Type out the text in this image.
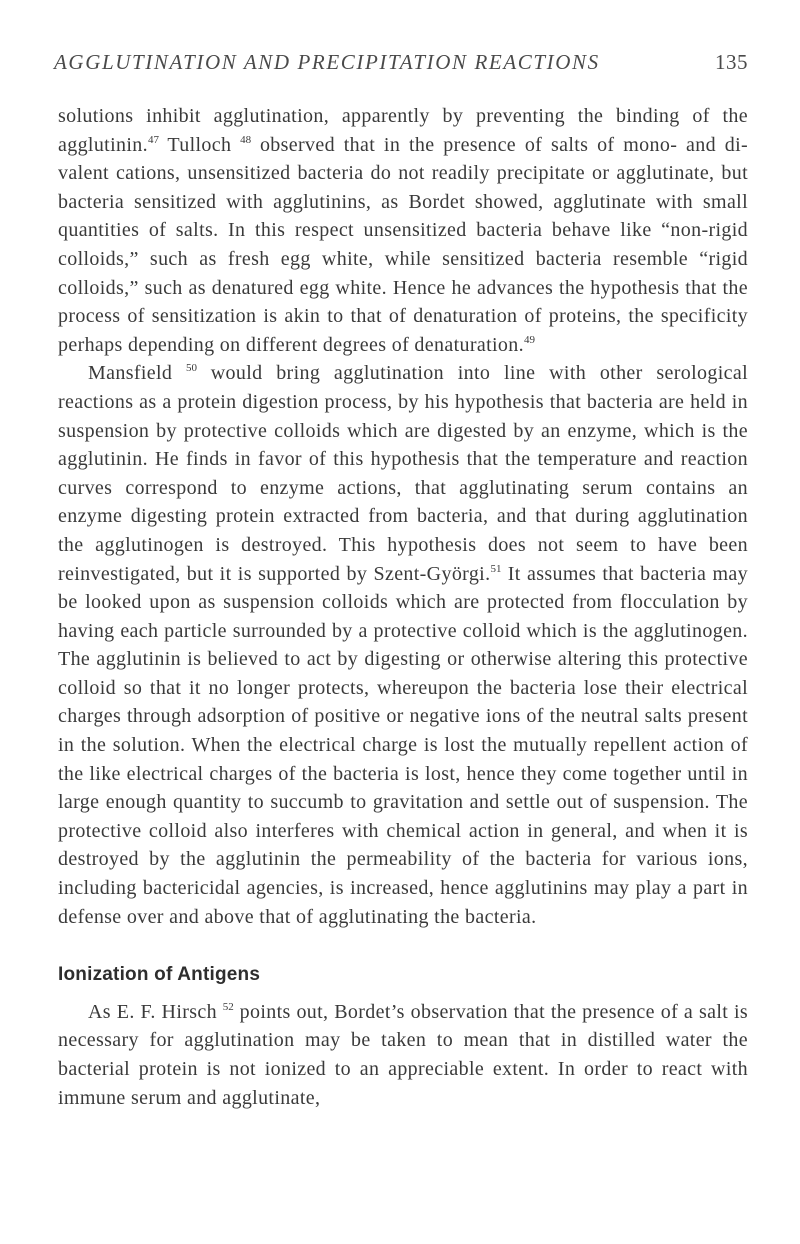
AGGLUTINATION AND PRECIPITATION REACTIONS	135

solutions inhibit agglutination, apparently by preventing the binding of the agglutinin.$^{47}$ Tulloch $^{48}$ observed that in the presence of salts of mono- and di-valent cations, unsensitized bacteria do not readily precipitate or agglutinate, but bacteria sensitized with agglutinins, as Bordet showed, agglutinate with small quantities of salts. In this respect unsensitized bacteria behave like “non-rigid colloids,” such as fresh egg white, while sensitized bacteria resemble “rigid colloids,” such as denatured egg white. Hence he advances the hypothesis that the process of sensitization is akin to that of denaturation of proteins, the specificity perhaps depending on different degrees of denaturation.$^{49}$

Mansfield $^{50}$ would bring agglutination into line with other serological reactions as a protein digestion process, by his hypothesis that bacteria are held in suspension by protective colloids which are digested by an enzyme, which is the agglutinin. He finds in favor of this hypothesis that the temperature and reaction curves correspond to enzyme actions, that agglutinating serum contains an enzyme digesting protein extracted from bacteria, and that during agglutination the agglutinogen is destroyed. This hypothesis does not seem to have been reinvestigated, but it is supported by Szent-Györgi.$^{51}$ It assumes that bacteria may be looked upon as suspension colloids which are protected from flocculation by having each particle surrounded by a protective colloid which is the agglutinogen. The agglutinin is believed to act by digesting or otherwise altering this protective colloid so that it no longer protects, whereupon the bacteria lose their electrical charges through adsorption of positive or negative ions of the neutral salts present in the solution. When the electrical charge is lost the mutually repellent action of the like electrical charges of the bacteria is lost, hence they come together until in large enough quantity to succumb to gravitation and settle out of suspension. The protective colloid also interferes with chemical action in general, and when it is destroyed by the agglutinin the permeability of the bacteria for various ions, including bactericidal agencies, is increased, hence agglutinins may play a part in defense over and above that of agglutinating the bacteria.

Ionization of Antigens

As E. F. Hirsch $^{52}$ points out, Bordet’s observation that the presence of a salt is necessary for agglutination may be taken to mean that in distilled water the bacterial protein is not ionized to an appreciable extent. In order to react with immune serum and agglutinate,
